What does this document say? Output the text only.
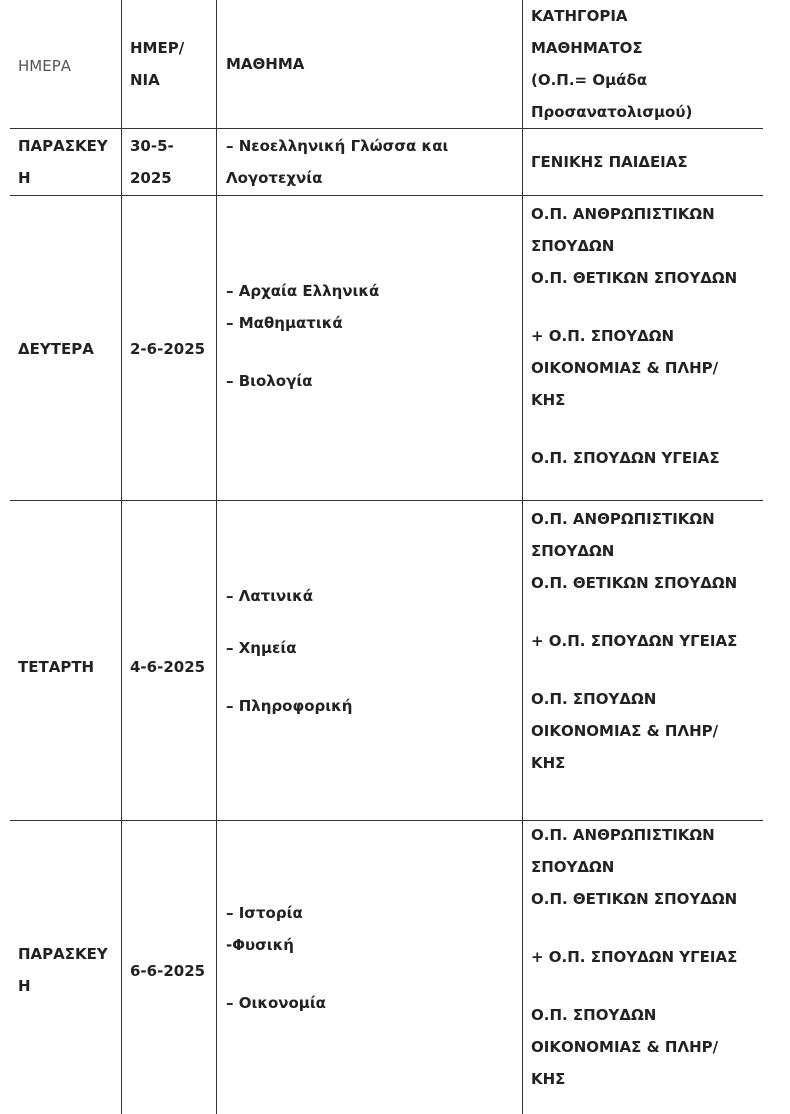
ΗΜΕΡΑ
ΗΜΕΡ/
ΝΙΑ
ΜΑΘΗΜΑ
ΚΑΤΗΓΟΡΙΑ
ΜΑΘΗΜΑΤΟΣ
(Ο.Π.= Ομάδα
Προσανατολισμού)
ΠΑΡΑΣΚΕΥ
Η
30-5-
2025
– Νεοελληνική Γλώσσα και
Λογοτεχνία
ΓΕΝΙΚΗΣ ΠΑΙΔΕΙΑΣ
ΔΕΥΤΕΡΑ 2-6-2025
– Αρχαία Ελληνικά
– Μαθηματικά
– Βιολογία
Ο.Π. ΑΝΘΡΩΠΙΣΤΙΚΩΝ
ΣΠΟΥΔΩΝ
Ο.Π. ΘΕΤΙΚΩΝ ΣΠΟΥΔΩΝ
+ Ο.Π. ΣΠΟΥΔΩΝ
ΟΙΚΟΝΟΜΙΑΣ & ΠΛΗΡ/
ΚΗΣ
Ο.Π. ΣΠΟΥΔΩΝ ΥΓΕΙΑΣ
ΤΕΤΑΡΤΗ 4-6-2025
– Λατινικά
– Χημεία
– Πληροφορική
Ο.Π. ΑΝΘΡΩΠΙΣΤΙΚΩΝ
ΣΠΟΥΔΩΝ
Ο.Π. ΘΕΤΙΚΩΝ ΣΠΟΥΔΩΝ
+ Ο.Π. ΣΠΟΥΔΩΝ ΥΓΕΙΑΣ
Ο.Π. ΣΠΟΥΔΩΝ
ΟΙΚΟΝΟΜΙΑΣ & ΠΛΗΡ/
ΚΗΣ
ΠΑΡΑΣΚΕΥ
Η
6-6-2025
– Ιστορία
-Φυσική
– Οικονομία
Ο.Π. ΑΝΘΡΩΠΙΣΤΙΚΩΝ
ΣΠΟΥΔΩΝ
Ο.Π. ΘΕΤΙΚΩΝ ΣΠΟΥΔΩΝ
+ Ο.Π. ΣΠΟΥΔΩΝ ΥΓΕΙΑΣ
Ο.Π. ΣΠΟΥΔΩΝ
ΟΙΚΟΝΟΜΙΑΣ & ΠΛΗΡ/
ΚΗΣ
